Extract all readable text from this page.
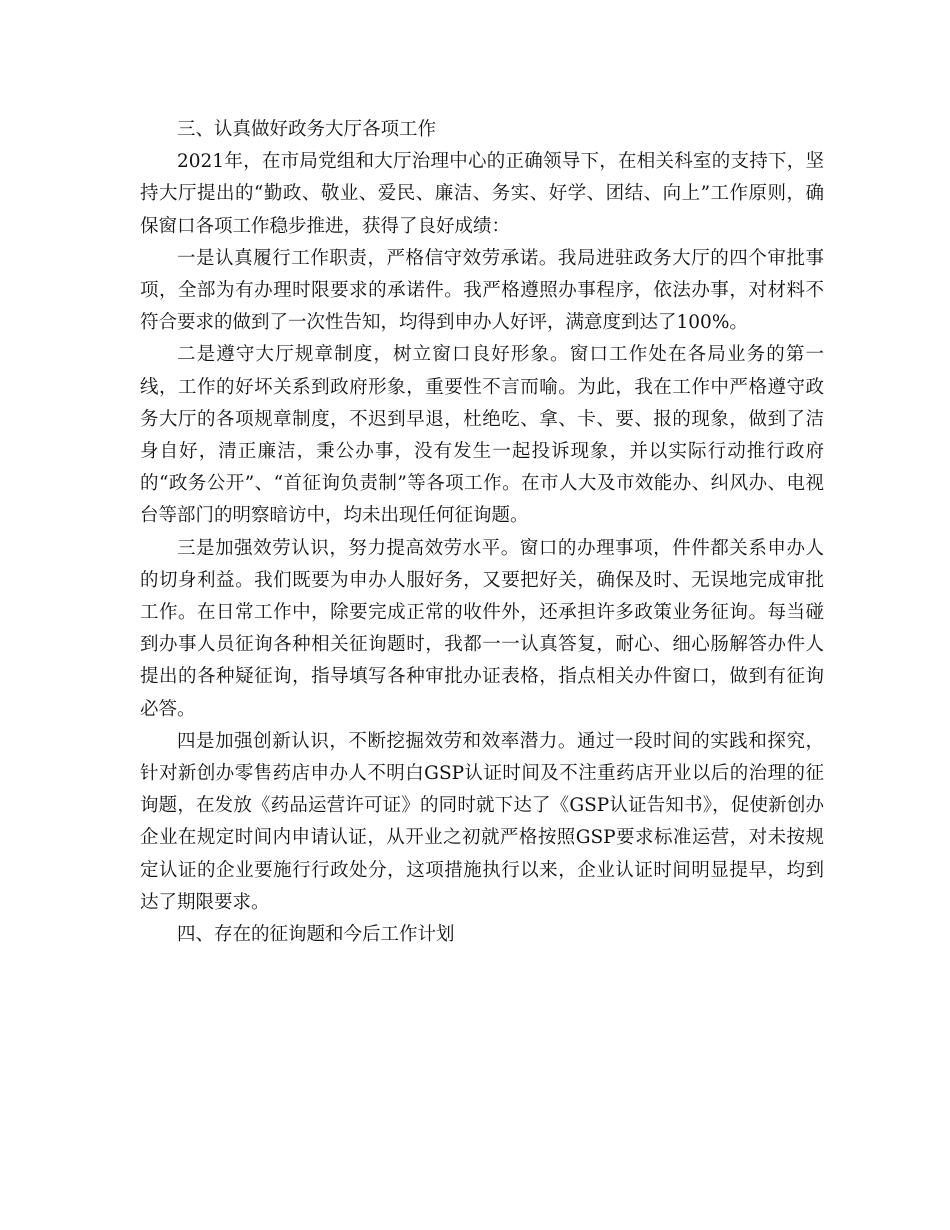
三、认真做好政务大厅各项工作

2021年，在市局党组和大厅治理中心的正确领导下，在相关科室的支持下，坚持大厅提出的“勤政、敬业、爱民、廉洁、务实、好学、团结、向上”工作原则，确保窗口各项工作稳步推进，获得了良好成绩：

一是认真履行工作职责，严格信守效劳承诺。我局进驻政务大厅的四个审批事项，全部为有办理时限要求的承诺件。我严格遵照办事程序，依法办事，对材料不符合要求的做到了一次性告知，均得到申办人好评，满意度到达了100%。

二是遵守大厅规章制度，树立窗口良好形象。窗口工作处在各局业务的第一线，工作的好坏关系到政府形象，重要性不言而喻。为此，我在工作中严格遵守政务大厅的各项规章制度，不迟到早退，杜绝吃、拿、卡、要、报的现象，做到了洁身自好，清正廉洁，秉公办事，没有发生一起投诉现象，并以实际行动推行政府的“政务公开”、“首征询负责制”等各项工作。在市人大及市效能办、纠风办、电视台等部门的明察暗访中，均未出现任何征询题。

三是加强效劳认识，努力提高效劳水平。窗口的办理事项，件件都关系申办人的切身利益。我们既要为申办人服好务，又要把好关，确保及时、无误地完成审批工作。在日常工作中，除要完成正常的收件外，还承担许多政策业务征询。每当碰到办事人员征询各种相关征询题时，我都一一认真答复，耐心、细心肠解答办件人提出的各种疑征询，指导填写各种审批办证表格，指点相关办件窗口，做到有征询必答。

四是加强创新认识，不断挖掘效劳和效率潜力。通过一段时间的实践和探究，针对新创办零售药店申办人不明白GSP认证时间及不注重药店开业以后的治理的征询题，在发放《药品运营许可证》的同时就下达了《GSP认证告知书》，促使新创办企业在规定时间内申请认证，从开业之初就严格按照GSP要求标准运营，对未按规定认证的企业要施行行政处分，这项措施执行以来，企业认证时间明显提早，均到达了期限要求。

四、存在的征询题和今后工作计划
